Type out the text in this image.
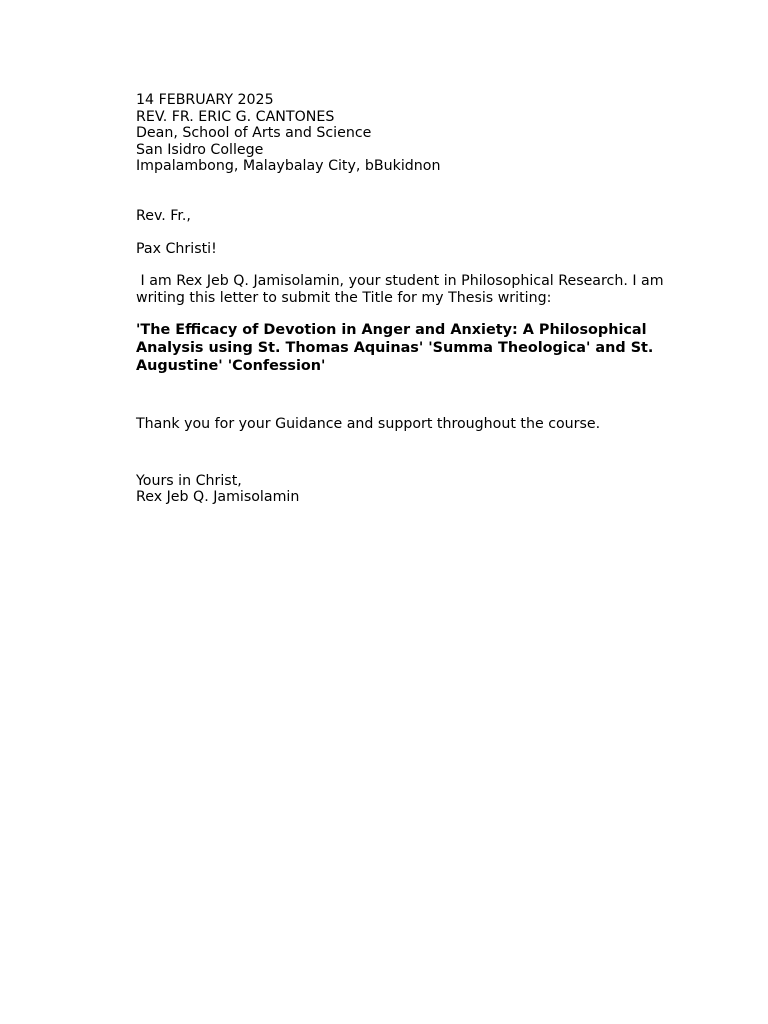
14 FEBRUARY 2025
REV. FR. ERIC G. CANTONES
Dean, School of Arts and Science
San Isidro College
Impalambong, Malaybalay City, bBukidnon
Rev. Fr.,
Pax Christi!

I am Rex Jeb Q. Jamisolamin, your student in Philosophical Research. I am writing this letter to submit the Title for my Thesis writing:

'The Efficacy of Devotion in Anger and Anxiety: A Philosophical Analysis using St. Thomas Aquinas' 'Summa Theologica' and St. Augustine' 'Confession'

Thank you for your Guidance and support throughout the course.
Yours in Christ,
Rex Jeb Q. Jamisolamin
